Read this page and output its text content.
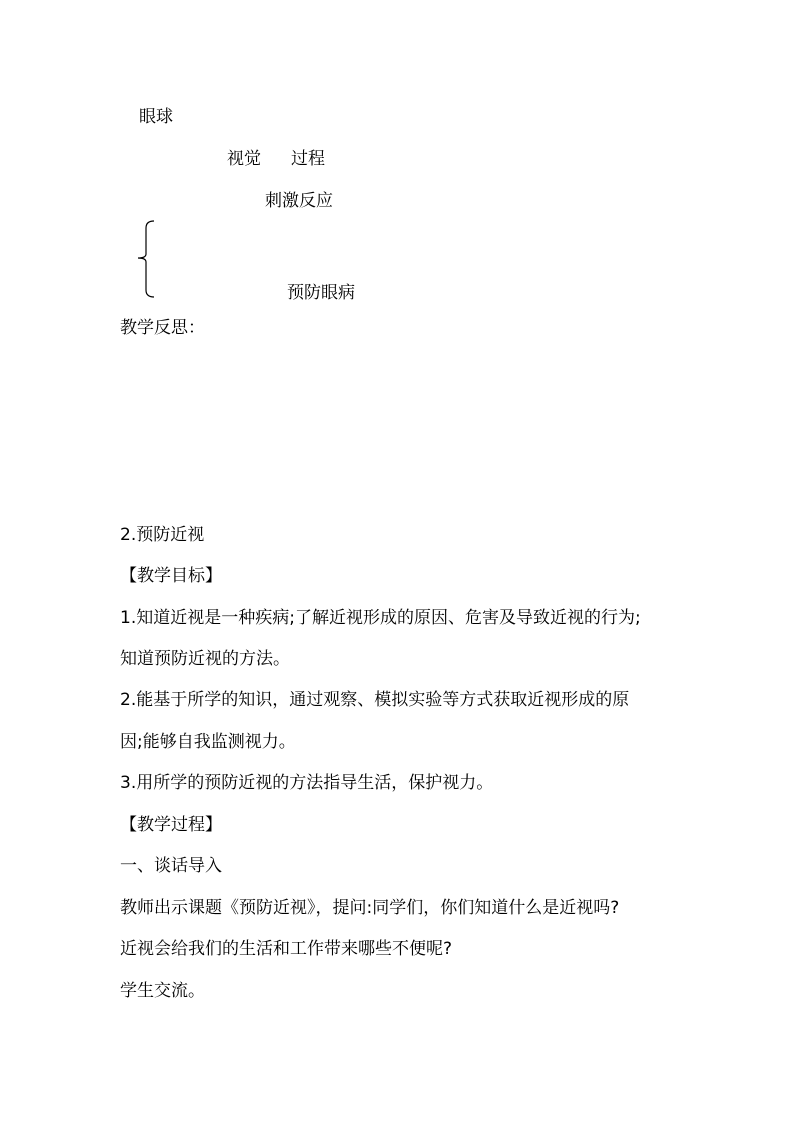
眼球
视觉 过程
刺激反应
预防眼病
教学反思：
2.预防近视
【教学目标】
1.知道近视是一种疾病;了解近视形成的原因、危害及导致近视的行为;
知道预防近视的方法。
2.能基于所学的知识，通过观察、模拟实验等方式获取近视形成的原
因;能够自我监测视力。
3.用所学的预防近视的方法指导生活，保护视力。
【教学过程】
一、谈话导入
教师出示课题《预防近视》，提问:同学们，你们知道什么是近视吗?
近视会给我们的生活和工作带来哪些不便呢?
学生交流。
